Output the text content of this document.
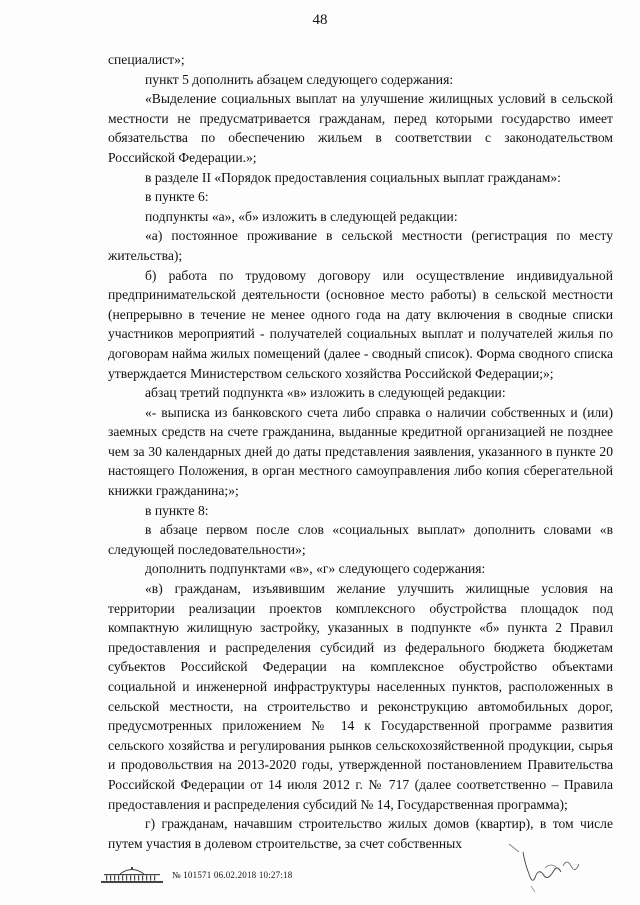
48

специалист»;

пункт 5 дополнить абзацем следующего содержания:

«Выделение социальных выплат на улучшение жилищных условий в сельской местности не предусматривается гражданам, перед которыми государство имеет обязательства по обеспечению жильем в соответствии с законодательством Российской Федерации.»;

в разделе II «Порядок предоставления социальных выплат гражданам»:

в пункте 6:

подпункты «а», «б» изложить в следующей редакции:

«а) постоянное проживание в сельской местности (регистрация по месту жительства);

б) работа по трудовому договору или осуществление индивидуальной предпринимательской деятельности (основное место работы) в сельской местности (непрерывно в течение не менее одного года на дату включения в сводные списки участников мероприятий - получателей социальных выплат и получателей жилья по договорам найма жилых помещений (далее - сводный список). Форма сводного списка утверждается Министерством сельского хозяйства Российской Федерации;»;

абзац третий подпункта «в» изложить в следующей редакции:

«- выписка из банковского счета либо справка о наличии собственных и (или) заемных средств на счете гражданина, выданные кредитной организацией не позднее чем за 30 календарных дней до даты представления заявления, указанного в пункте 20 настоящего Положения, в орган местного самоуправления либо копия сберегательной книжки гражданина;»;

в пункте 8:

в абзаце первом после слов «социальных выплат» дополнить словами «в следующей последовательности»;

дополнить подпунктами «в», «г» следующего содержания:

«в) гражданам, изъявившим желание улучшить жилищные условия на территории реализации проектов комплексного обустройства площадок под компактную жилищную застройку, указанных в подпункте «б» пункта 2 Правил предоставления и распределения субсидий из федерального бюджета бюджетам субъектов Российской Федерации на комплексное обустройство объектами социальной и инженерной инфраструктуры населенных пунктов, расположенных в сельской местности, на строительство и реконструкцию автомобильных дорог, предусмотренных приложением № 14 к Государственной программе развития сельского хозяйства и регулирования рынков сельскохозяйственной продукции, сырья и продовольствия на 2013-2020 годы, утвержденной постановлением Правительства Российской Федерации от 14 июля 2012 г. № 717 (далее соответственно – Правила предоставления и распределения субсидий № 14, Государственная программа);

г) гражданам, начавшим строительство жилых домов (квартир), в том числе путем участия в долевом строительстве, за счет собственных

№ 101571 06.02.2018 10:27:18
